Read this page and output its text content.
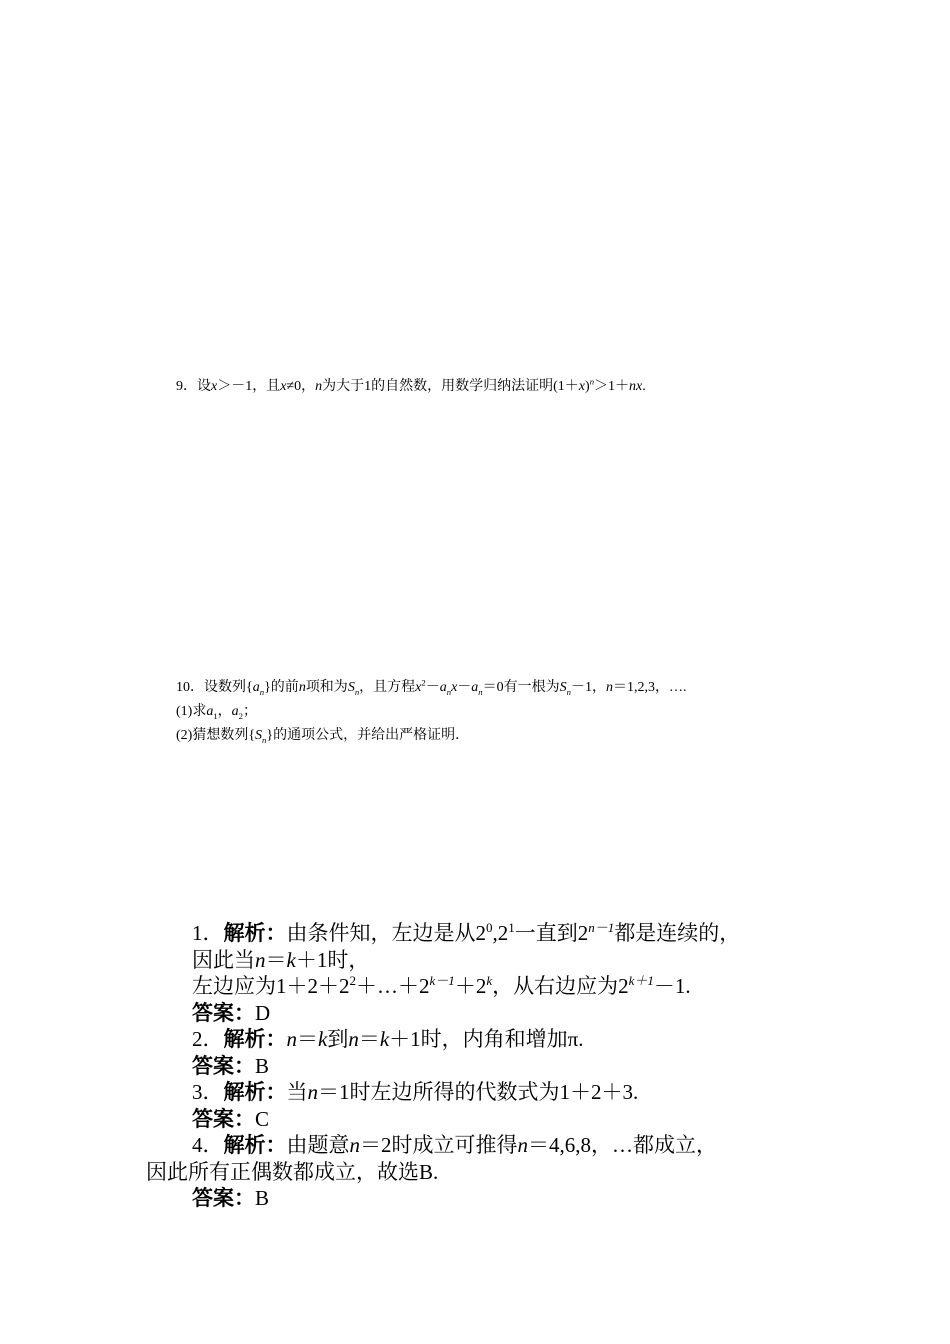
9．设x＞－1，且x≠0，n为大于1的自然数，用数学归纳法证明$(1+x)^n>1+nx$.
10．设数列$\{a_n\}$的前n项和为$S_n$，且方程$x^2-a_nx-a_n=0$有一根为$S_n-1$，n＝1,2,3，….
(1)求$a_1$，$a_2$；
(2)猜想数列$\{S_n\}$的通项公式，并给出严格证明．
1．解析：由条件知，左边是从$2^0,2^1$一直到$2^{n-1}$都是连续的，
因此当n＝k＋1时，
左边应为$1+2+2^2+\dots+2^{k-1}+2^k$，从右边应为$2^{k+1}-1$.
答案：D
2．解析：n＝k到n＝k＋1时，内角和增加π.
答案：B
3．解析：当n＝1时左边所得的代数式为1＋2＋3.
答案：C
4．解析：由题意n＝2时成立可推得n＝4,6,8，…都成立，
因此所有正偶数都成立，故选B.
答案：B
